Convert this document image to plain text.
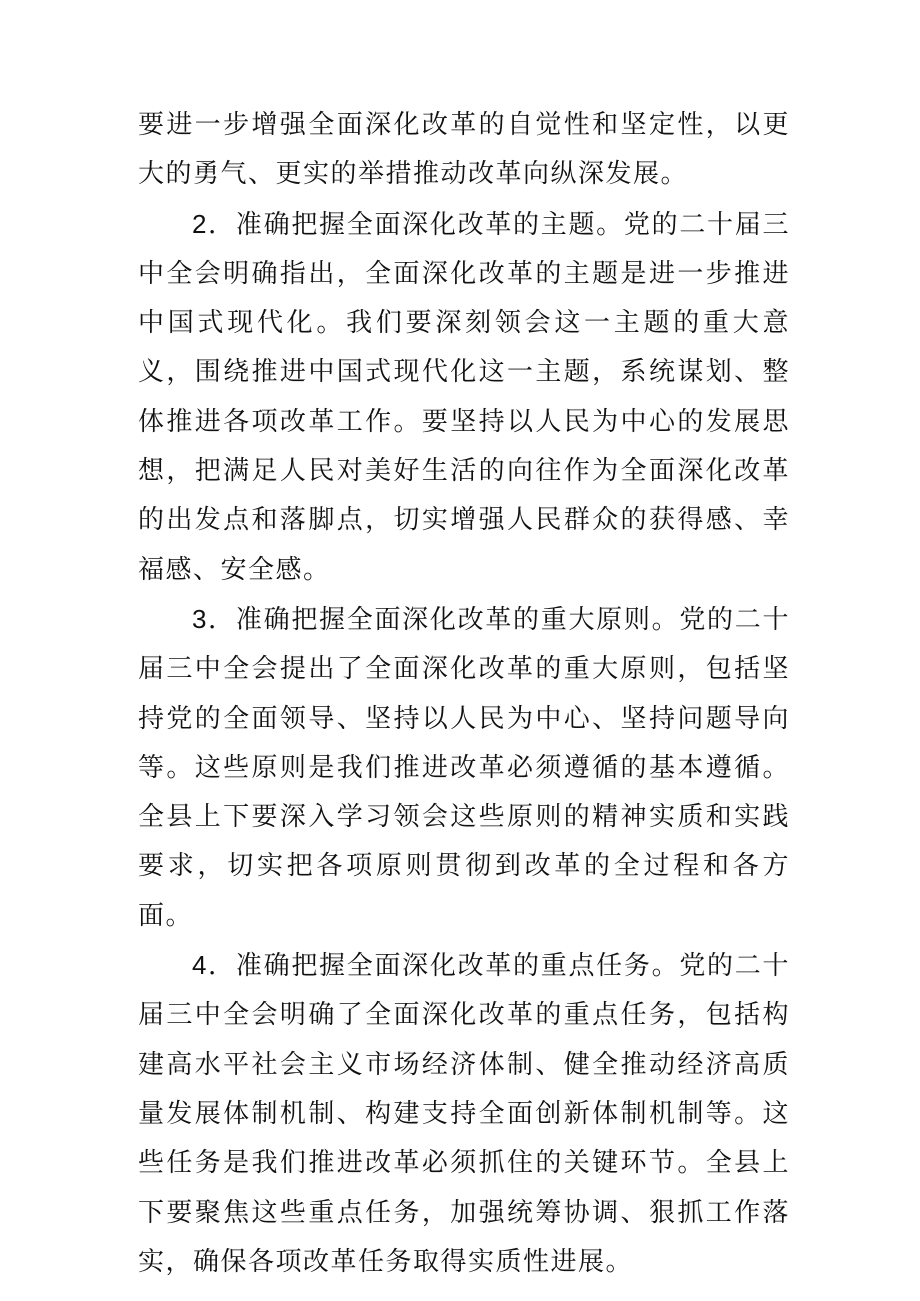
要进一步增强全面深化改革的自觉性和坚定性，以更大的勇气、更实的举措推动改革向纵深发展。

2．准确把握全面深化改革的主题。党的二十届三中全会明确指出，全面深化改革的主题是进一步推进中国式现代化。我们要深刻领会这一主题的重大意义，围绕推进中国式现代化这一主题，系统谋划、整体推进各项改革工作。要坚持以人民为中心的发展思想，把满足人民对美好生活的向往作为全面深化改革的出发点和落脚点，切实增强人民群众的获得感、幸福感、安全感。

3．准确把握全面深化改革的重大原则。党的二十届三中全会提出了全面深化改革的重大原则，包括坚持党的全面领导、坚持以人民为中心、坚持问题导向等。这些原则是我们推进改革必须遵循的基本遵循。全县上下要深入学习领会这些原则的精神实质和实践要求，切实把各项原则贯彻到改革的全过程和各方面。

4．准确把握全面深化改革的重点任务。党的二十届三中全会明确了全面深化改革的重点任务，包括构建高水平社会主义市场经济体制、健全推动经济高质量发展体制机制、构建支持全面创新体制机制等。这些任务是我们推进改革必须抓住的关键环节。全县上下要聚焦这些重点任务，加强统筹协调、狠抓工作落实，确保各项改革任务取得实质性进展。
